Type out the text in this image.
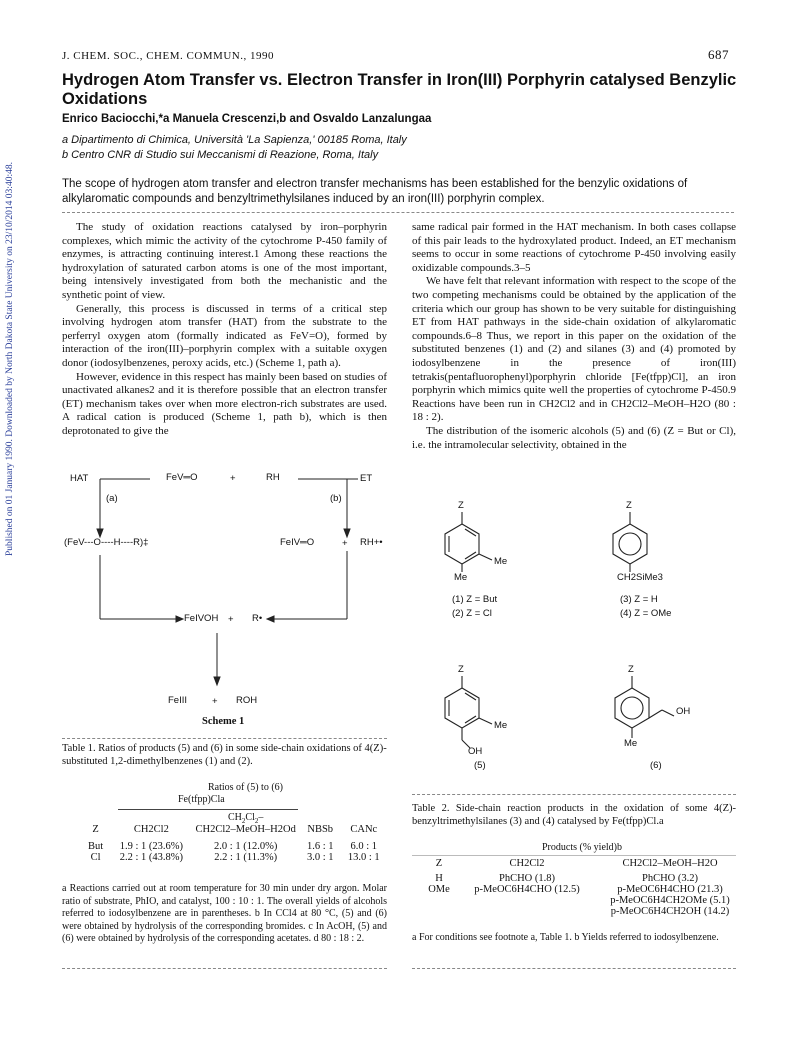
Published on 01 January 1990. Downloaded by North Dakota State University on 23/10/2014 03:40:48.
J. CHEM. SOC., CHEM. COMMUN., 1990	687
Hydrogen Atom Transfer vs. Electron Transfer in Iron(III) Porphyrin catalysed Benzylic Oxidations
Enrico Baciocchi,*a Manuela Crescenzi,b and Osvaldo Lanzalungaa
a Dipartimento di Chimica, Università 'La Sapienza,' 00185 Roma, Italy
b Centro CNR di Studio sui Meccanismi di Reazione, Roma, Italy
The scope of hydrogen atom transfer and electron transfer mechanisms has been established for the benzylic oxidations of alkylaromatic compounds and benzyltrimethylsilanes induced by an iron(III) porphyrin complex.

The study of oxidation reactions catalysed by iron–porphyrin complexes, which mimic the activity of the cytochrome P-450 family of enzymes, is attracting continuing interest.1 Among these reactions the hydroxylation of saturated carbon atoms is one of the most important, being intensively investigated from both the mechanistic and the synthetic point of view.

Generally, this process is discussed in terms of a critical step involving hydrogen atom transfer (HAT) from the substrate to the perferryl oxygen atom (formally indicated as FeV=O), formed by interaction of the iron(III)–porphyrin complex with a suitable oxygen donor (iodosylbenzenes, peroxy acids, etc.) (Scheme 1, path a).

However, evidence in this respect has mainly been based on studies of unactivated alkanes2 and it is therefore possible that an electron transfer (ET) mechanism takes over when more electron-rich substrates are used. A radical cation is produced (Scheme 1, path b), which is then deprotonated to give the

same radical pair formed in the HAT mechanism. In both cases collapse of this pair leads to the hydroxylated product. Indeed, an ET mechanism seems to occur in some reactions of cytochrome P-450 involving easily oxidizable compounds.3–5

We have felt that relevant information with respect to the scope of the two competing mechanisms could be obtained by the application of the criteria which our group has shown to be very suitable for distinguishing ET from HAT pathways in the side-chain oxidation of alkylaromatic compounds.6–8 Thus, we report in this paper on the oxidation of the substituted benzenes (1) and (2) and silanes (3) and (4) promoted by iodosylbenzene in the presence of iron(III) tetrakis(pentafluorophenyl)porphyrin chloride [Fe(tfpp)Cl], an iron porphyrin which mimics quite well the properties of cytochrome P-450.9 Reactions have been run in CH2Cl2 and in CH2Cl2–MeOH–H2O (80 : 18 : 2).

The distribution of the isomeric alcohols (5) and (6) (Z = But or Cl), i.e. the intramolecular selectivity, obtained in the

HAT	FeV═O	+	RH	ET
(a)	(b)
(FeV---O----H----R)‡	FeIV═O	+ RH+•
FeIVOH + R•
FeIII	+ ROH
Scheme 1
Table 1. Ratios of products (5) and (6) in some side-chain oxidations of 4(Z)-substituted 1,2-dimethylbenzenes (1) and (2).
Ratios of (5) to (6)
Fe(tfpp)Cla
$CH_2Cl_2-$
Z	CH2Cl2	CH2Cl2–MeOH–H2Od	NBSb	CANc

But	1.9 : 1 (23.6%)	2.0 : 1 (12.0%)	1.6 : 1	6.0 : 1
Cl	2.2 : 1 (43.8%)	2.2 : 1 (11.3%)	3.0 : 1	13.0 : 1
a Reactions carried out at room temperature for 30 min under dry argon. Molar ratio of substrate, PhIO, and catalyst, 100 : 10 : 1. The overall yields of alcohols referred to iodosylbenzene are in parentheses. b In CCl4 at 80 °C, (5) and (6) were obtained by hydrolysis of the corresponding bromides. c In AcOH, (5) and (6) were obtained by hydrolysis of the corresponding acetates. d 80 : 18 : 2.
Z
Me
Me
(1) Z = But
(2) Z = Cl
Z
CH2SiMe3
(3) Z = H
(4) Z = OMe
Z
Me
OH
(5)
Z
OH
Me
(6)
Table 2. Side-chain reaction products in the oxidation of some 4(Z)-benzyltrimethylsilanes (3) and (4) catalysed by Fe(tfpp)Cl.a
Products (% yield)b
Z	CH2Cl2	CH2Cl2–MeOH–H2O

H	PhCHO (1.8)	PhCHO (3.2)
OMe	p-MeOC6H4CHO (12.5)	p-MeOC6H4CHO (21.3)
		p-MeOC6H4CH2OMe (5.1)
		p-MeOC6H4CH2OH (14.2)
a For conditions see footnote a, Table 1. b Yields referred to iodosylbenzene.
